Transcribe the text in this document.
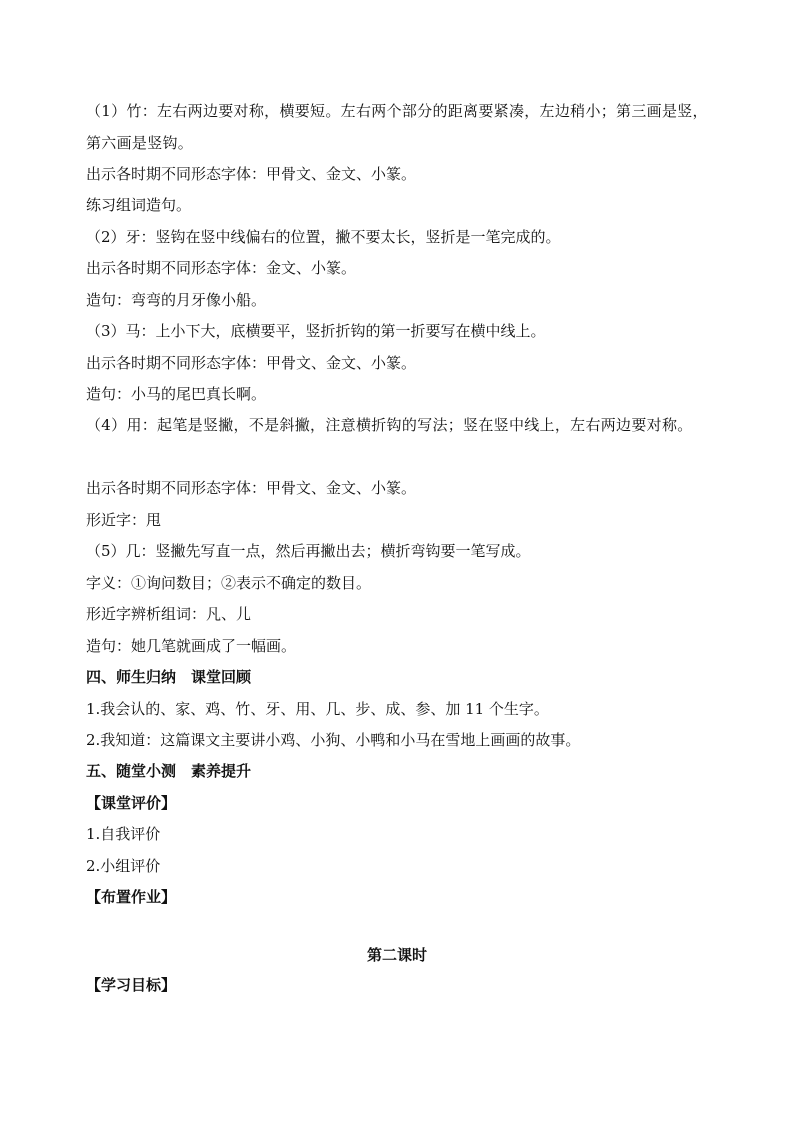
（1）竹：左右两边要对称，横要短。左右两个部分的距离要紧凑，左边稍小；第三画是竖，第六画是竖钩。
出示各时期不同形态字体：甲骨文、金文、小篆。
练习组词造句。
（2）牙：竖钩在竖中线偏右的位置，撇不要太长，竖折是一笔完成的。
出示各时期不同形态字体：金文、小篆。
造句：弯弯的月牙像小船。
（3）马：上小下大，底横要平，竖折折钩的第一折要写在横中线上。
出示各时期不同形态字体：甲骨文、金文、小篆。
造句：小马的尾巴真长啊。
（4）用：起笔是竖撇，不是斜撇，注意横折钩的写法；竖在竖中线上，左右两边要对称。
出示各时期不同形态字体：甲骨文、金文、小篆。
形近字：甩
（5）几：竖撇先写直一点，然后再撇出去；横折弯钩要一笔写成。
字义：①询问数目；②表示不确定的数目。
形近字辨析组词：凡、儿
造句：她几笔就画成了一幅画。
四、师生归纳　课堂回顾
1.我会认的、家、鸡、竹、牙、用、几、步、成、参、加 11 个生字。
2.我知道：这篇课文主要讲小鸡、小狗、小鸭和小马在雪地上画画的故事。
五、随堂小测　素养提升
【课堂评价】
1.自我评价
2.小组评价
【布置作业】
第二课时
【学习目标】
